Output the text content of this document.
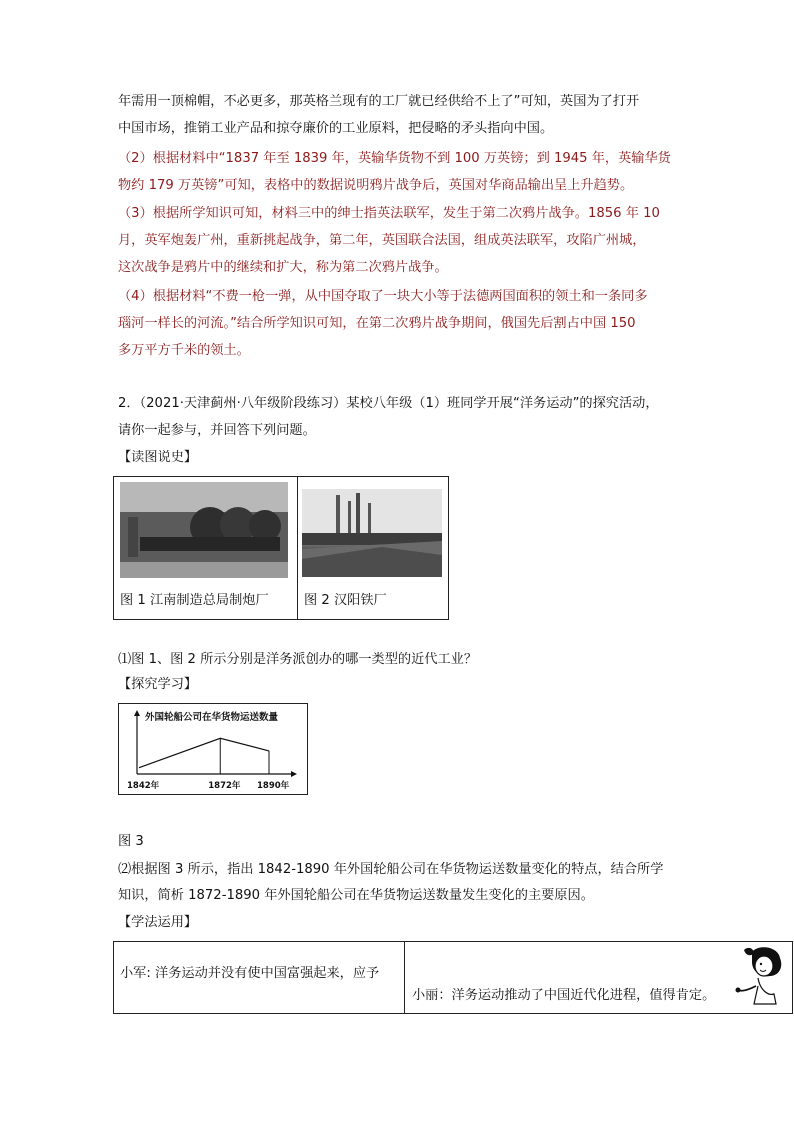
年需用一顶棉帽，不必更多，那英格兰现有的工厂就已经供给不上了”可知，英国为了打开
中国市场，推销工业产品和掠夺廉价的工业原料，把侵略的矛头指向中国。
（2）根据材料中“1837 年至 1839 年，英输华货物不到 100 万英镑；到 1945 年，英输华货
物约 179 万英镑”可知，表格中的数据说明鸦片战争后，英国对华商品输出呈上升趋势。
（3）根据所学知识可知，材料三中的绅士指英法联军，发生于第二次鸦片战争。1856 年 10
月，英军炮轰广州，重新挑起战争，第二年，英国联合法国，组成英法联军，攻陷广州城，
这次战争是鸦片中的继续和扩大，称为第二次鸦片战争。
（4）根据材料“不费一枪一弹，从中国夺取了一块大小等于法德两国面积的领土和一条同多
瑙河一样长的河流。”结合所学知识可知，在第二次鸦片战争期间，俄国先后割占中国 150
多万平方千米的领土。
2．（2021·天津蓟州·八年级阶段练习）某校八年级（1）班同学开展“洋务运动”的探究活动，
请你一起参与，并回答下列问题。
【读图说史】
图 1 江南制造总局制炮厂	图 2 汉阳铁厂
⑴图 1、图 2 所示分别是洋务派创办的哪一类型的近代工业？
【探究学习】
外国轮船公司在华货物运送数量
1842年	1872年 1890年
图 3
⑵根据图 3 所示，指出 1842-1890 年外国轮船公司在华货物运送数量变化的特点，结合所学
知识，简析 1872-1890 年外国轮船公司在华货物运送数量发生变化的主要原因。
【学法运用】
小军: 洋务运动并没有使中国富强起来，应予
小丽：洋务运动推动了中国近代化进程，值得肯定。
